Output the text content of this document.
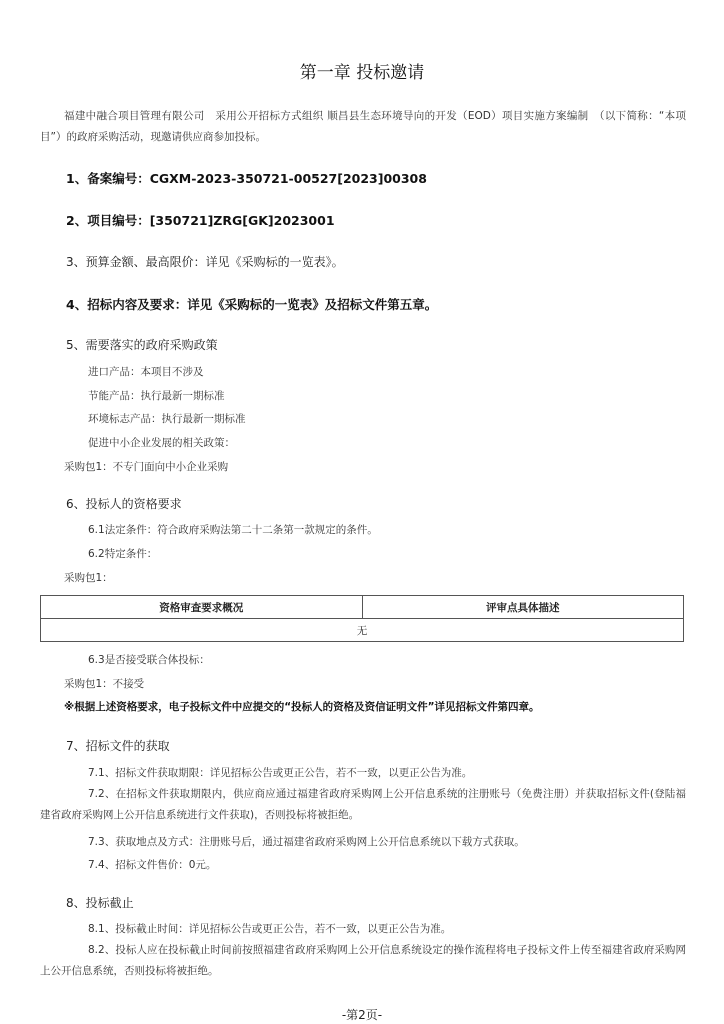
第一章 投标邀请
福建中融合项目管理有限公司　采用公开招标方式组织 顺昌县生态环境导向的开发（EOD）项目实施方案编制　（以下简称：“本项目”）的政府采购活动，现邀请供应商参加投标。
1、备案编号：CGXM-2023-350721-00527[2023]00308
2、项目编号：[350721]ZRG[GK]2023001
3、预算金额、最高限价：详见《采购标的一览表》。
4、招标内容及要求：详见《采购标的一览表》及招标文件第五章。
5、需要落实的政府采购政策
进口产品：本项目不涉及
节能产品：执行最新一期标准
环境标志产品：执行最新一期标准
促进中小企业发展的相关政策：
采购包1：不专门面向中小企业采购
6、投标人的资格要求
6.1法定条件：符合政府采购法第二十二条第一款规定的条件。
6.2特定条件：
采购包1：
资格审查要求概况	评审点具体描述
无
6.3是否接受联合体投标：
采购包1：不接受
※根据上述资格要求，电子投标文件中应提交的“投标人的资格及资信证明文件”详见招标文件第四章。
7、招标文件的获取
7.1、招标文件获取期限：详见招标公告或更正公告，若不一致，以更正公告为准。
7.2、在招标文件获取期限内，供应商应通过福建省政府采购网上公开信息系统的注册账号（免费注册）并获取招标文件(登陆福建省政府采购网上公开信息系统进行文件获取)，否则投标将被拒绝。
7.3、获取地点及方式：注册账号后，通过福建省政府采购网上公开信息系统以下载方式获取。
7.4、招标文件售价：0元。
8、投标截止
8.1、投标截止时间：详见招标公告或更正公告，若不一致，以更正公告为准。
8.2、投标人应在投标截止时间前按照福建省政府采购网上公开信息系统设定的操作流程将电子投标文件上传至福建省政府采购网上公开信息系统，否则投标将被拒绝。
-第2页-
